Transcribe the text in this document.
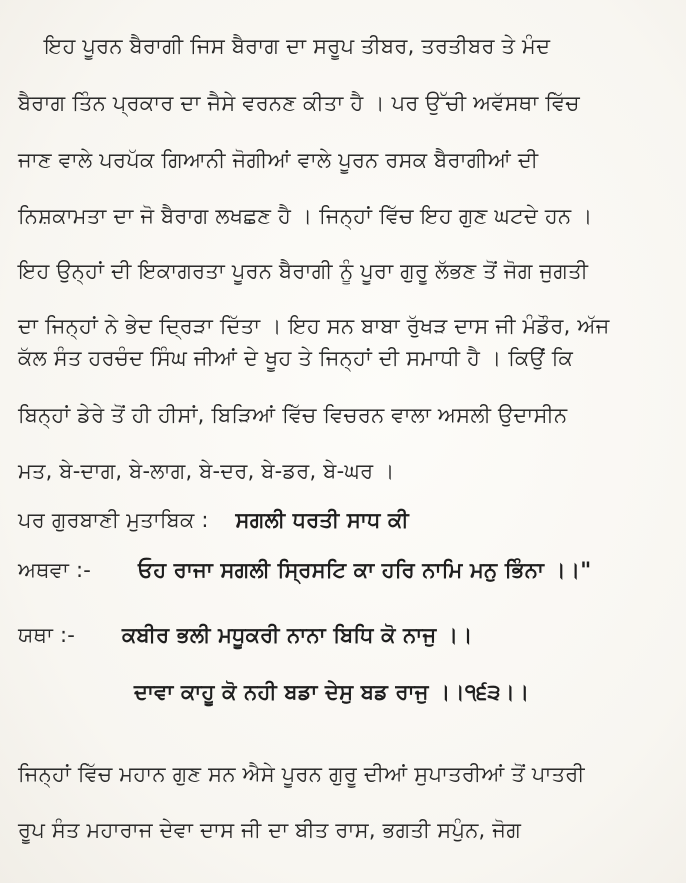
ਇਹ ਪੂਰਨ ਬੈਰਾਗੀ ਜਿਸ ਬੈਰਾਗ ਦਾ ਸਰੂਪ ਤੀਬਰ, ਤਰਤੀਬਰ ਤੇ ਮੰਦ
ਬੈਰਾਗ ਤਿੰਨ ਪ੍ਰਕਾਰ ਦਾ ਜੈਸੇ ਵਰਨਣ ਕੀਤਾ ਹੈ । ਪਰ ਉੱਚੀ ਅਵੱਸਥਾ ਵਿੱਚ
ਜਾਣ ਵਾਲੇ ਪਰਪੱਕ ਗਿਆਨੀ ਜੋਗੀਆਂ ਵਾਲੇ ਪੂਰਨ ਰਸਕ ਬੈਰਾਗੀਆਂ ਦੀ
ਨਿਸ਼ਕਾਮਤਾ ਦਾ ਜੋ ਬੈਰਾਗ ਲਖਛਣ ਹੈ । ਜਿਨ੍ਹਾਂ ਵਿੱਚ ਇਹ ਗੁਣ ਘਟਦੇ ਹਨ ।
ਇਹ ਉਨ੍ਹਾਂ ਦੀ ਇਕਾਗਰਤਾ ਪੂਰਨ ਬੈਰਾਗੀ ਨੂੰ ਪੂਰਾ ਗੁਰੂ ਲੱਭਣ ਤੋਂ ਜੋਗ ਜੁਗਤੀ
ਦਾ ਜਿਨ੍ਹਾਂ ਨੇ ਭੇਦ ਦ੍ਰਿੜਾ ਦਿੱਤਾ । ਇਹ ਸਨ ਬਾਬਾ ਰੁੱਖੜ ਦਾਸ ਜੀ ਮੰਡੌਰ, ਅੱਜ
ਕੱਲ ਸੰਤ ਹਰਚੰਦ ਸਿੰਘ ਜੀਆਂ ਦੇ ਖੂਹ ਤੇ ਜਿਨ੍ਹਾਂ ਦੀ ਸਮਾਧੀ ਹੈ । ਕਿਉਂ ਕਿ
ਬਿਨ੍ਹਾਂ ਡੇਰੇ ਤੋਂ ਹੀ ਹੀਸਾਂ, ਬਿੜਿਆਂ ਵਿੱਚ ਵਿਚਰਨ ਵਾਲਾ ਅਸਲੀ ਉਦਾਸੀਨ
ਮਤ, ਬੇ-ਦਾਗ, ਬੇ-ਲਾਗ, ਬੇ-ਦਰ, ਬੇ-ਡਰ, ਬੇ-ਘਰ ।
ਪਰ ਗੁਰਬਾਣੀ ਮੁਤਾਬਿਕ : ਸਗਲੀ ਧਰਤੀ ਸਾਧ ਕੀ
ਅਥਵਾ :- ਓਹ ਰਾਜਾ ਸਗਲੀ ਸ੍ਰਿਸਟਿ ਕਾ ਹਰਿ ਨਾਮਿ ਮਨੁ ਭਿੰਨਾ ।।"
ਯਥਾ :- ਕਬੀਰ ਭਲੀ ਮਧੂਕਰੀ ਨਾਨਾ ਬਿਧਿ ਕੋ ਨਾਜੁ ।।
ਦਾਵਾ ਕਾਹੂ ਕੋ ਨਹੀ ਬਡਾ ਦੇਸੁ ਬਡ ਰਾਜੁ ।।੧੬੩।।
ਜਿਨ੍ਹਾਂ ਵਿੱਚ ਮਹਾਨ ਗੁਣ ਸਨ ਐਸੇ ਪੂਰਨ ਗੁਰੂ ਦੀਆਂ ਸੁਪਾਤਰੀਆਂ ਤੋਂ ਪਾਤਰੀ
ਰੂਪ ਸੰਤ ਮਹਾਰਾਜ ਦੇਵਾ ਦਾਸ ਜੀ ਦਾ ਬੀਤ ਰਾਸ, ਭਗਤੀ ਸਪੁੰਨ, ਜੋਗ
